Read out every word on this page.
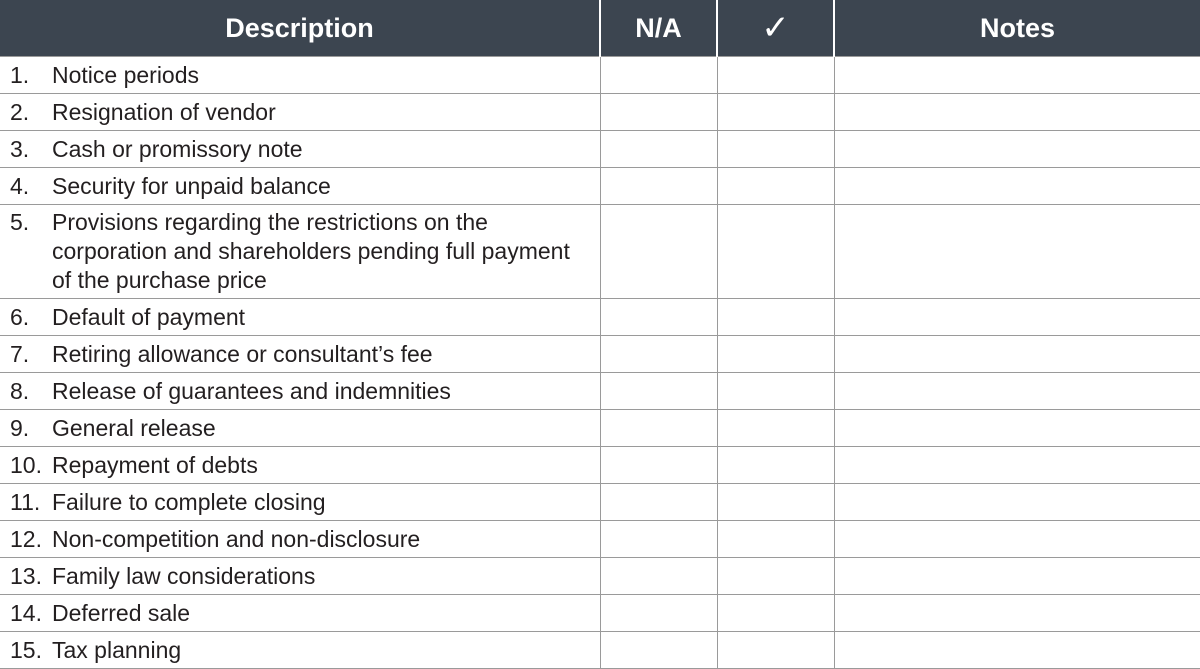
Description	N/A	✓	Notes

1. Notice periods			

2. Resignation of vendor			

3. Cash or promissory note			

4. Security for unpaid balance			

5. Provisions regarding the restrictions on the corporation and shareholders pending full payment of the purchase price			

6. Default of payment			

7. Retiring allowance or consultant’s fee			

8. Release of guarantees and indemnities			

9. General release			

10. Repayment of debts			

11. Failure to complete closing			

12. Non-competition and non-disclosure			

13. Family law considerations			

14. Deferred sale			

15. Tax planning			
